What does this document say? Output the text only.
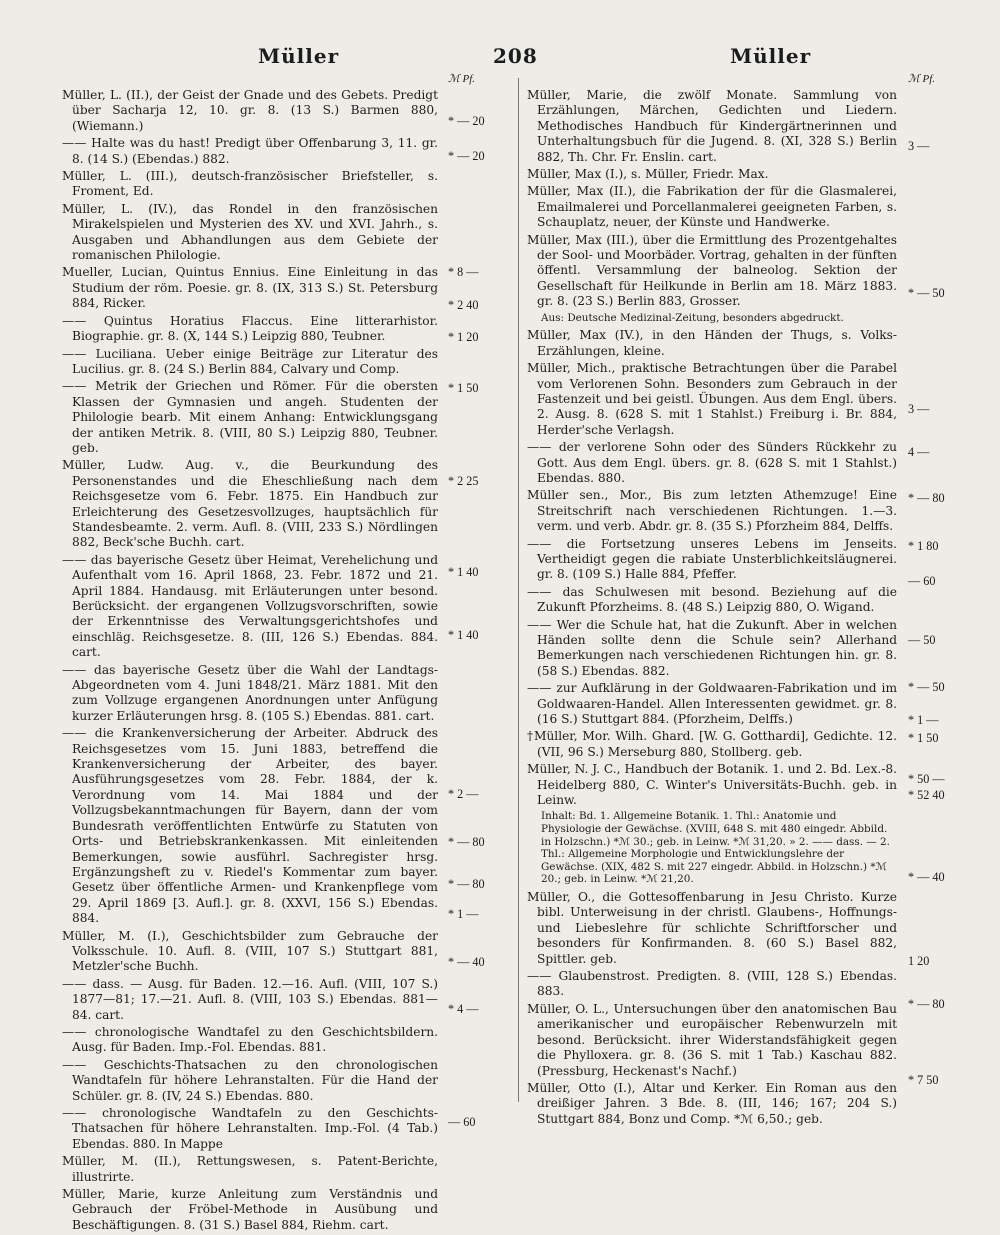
Müller	208	Müller
ℳ Pf.
* — 20
* — 20
* 8 —
* 2 40
* 1 20
* 1 50
* 2 25
* 1 40
* 1 40
* 2 —
* — 80
* — 80
* 1 —
* — 40
* 4 —
— 60
ℳ Pf.
3 —
* — 50
3 —
4 —
* — 80
* 1 80
— 60
— 50
* — 50
* 1 —
* 1 50
* 50 —
* 52 40
* — 40
1 20
* — 80
* 7 50

Müller, L. (II.), der Geist der Gnade und des Gebets. Predigt über Sacharja 12, 10. gr. 8. (13 S.) Barmen 880, (Wiemann.)

—— Halte was du hast! Predigt über Offenbarung 3, 11. gr. 8. (14 S.) (Ebendas.) 882.

Müller, L. (III.), deutsch-französischer Briefsteller, s. Froment, Ed.

Müller, L. (IV.), das Rondel in den französischen Mirakelspielen und Mysterien des XV. und XVI. Jahrh., s. Ausgaben und Abhandlungen aus dem Gebiete der romanischen Philologie.

Mueller, Lucian, Quintus Ennius. Eine Einleitung in das Studium der röm. Poesie. gr. 8. (IX, 313 S.) St. Petersburg 884, Ricker.

—— Quintus Horatius Flaccus. Eine litterarhistor. Biographie. gr. 8. (X, 144 S.) Leipzig 880, Teubner.

—— Luciliana. Ueber einige Beiträge zur Literatur des Lucilius. gr. 8. (24 S.) Berlin 884, Calvary und Comp.

—— Metrik der Griechen und Römer. Für die obersten Klassen der Gymnasien und angeh. Studenten der Philologie bearb. Mit einem Anhang: Entwicklungsgang der antiken Metrik. 8. (VIII, 80 S.) Leipzig 880, Teubner. geb.

Müller, Ludw. Aug. v., die Beurkundung des Personenstandes und die Eheschließung nach dem Reichsgesetze vom 6. Febr. 1875. Ein Handbuch zur Erleichterung des Gesetzesvollzuges, hauptsächlich für Standesbeamte. 2. verm. Aufl. 8. (VIII, 233 S.) Nördlingen 882, Beck'sche Buchh. cart.

—— das bayerische Gesetz über Heimat, Verehelichung und Aufenthalt vom 16. April 1868, 23. Febr. 1872 und 21. April 1884. Handausg. mit Erläuterungen unter besond. Berücksicht. der ergangenen Vollzugsvorschriften, sowie der Erkenntnisse des Verwaltungsgerichtshofes und einschläg. Reichsgesetze. 8. (III, 126 S.) Ebendas. 884. cart.

—— das bayerische Gesetz über die Wahl der Landtags-Abgeordneten vom 4. Juni 1848/21. März 1881. Mit den zum Vollzuge ergangenen Anordnungen unter Anfügung kurzer Erläuterungen hrsg. 8. (105 S.) Ebendas. 881. cart.

—— die Krankenversicherung der Arbeiter. Abdruck des Reichsgesetzes vom 15. Juni 1883, betreffend die Krankenversicherung der Arbeiter, des bayer. Ausführungsgesetzes vom 28. Febr. 1884, der k. Verordnung vom 14. Mai 1884 und der Vollzugsbekanntmachungen für Bayern, dann der vom Bundesrath veröffentlichten Entwürfe zu Statuten von Orts- und Betriebskrankenkassen. Mit einleitenden Bemerkungen, sowie ausführl. Sachregister hrsg. Ergänzungsheft zu v. Riedel's Kommentar zum bayer. Gesetz über öffentliche Armen- und Krankenpflege vom 29. April 1869 [3. Aufl.]. gr. 8. (XXVI, 156 S.) Ebendas. 884.

Müller, M. (I.), Geschichtsbilder zum Gebrauche der Volksschule. 10. Aufl. 8. (VIII, 107 S.) Stuttgart 881, Metzler'sche Buchh.

—— dass. — Ausg. für Baden. 12.—16. Aufl. (VIII, 107 S.) 1877—81; 17.—21. Aufl. 8. (VIII, 103 S.) Ebendas. 881—84. cart.

—— chronologische Wandtafel zu den Geschichtsbildern. Ausg. für Baden. Imp.-Fol. Ebendas. 881.

—— Geschichts-Thatsachen zu den chronologischen Wandtafeln für höhere Lehranstalten. Für die Hand der Schüler. gr. 8. (IV, 24 S.) Ebendas. 880.

—— chronologische Wandtafeln zu den Geschichts-Thatsachen für höhere Lehranstalten. Imp.-Fol. (4 Tab.) Ebendas. 880. In Mappe

Müller, M. (II.), Rettungswesen, s. Patent-Berichte, illustrirte.

Müller, Marie, kurze Anleitung zum Verständnis und Gebrauch der Fröbel-Methode in Ausübung und Beschäftigungen. 8. (31 S.) Basel 884, Riehm. cart.

Müller, Marie, die zwölf Monate. Sammlung von Erzählungen, Märchen, Gedichten und Liedern. Methodisches Handbuch für Kindergärtnerinnen und Unterhaltungsbuch für die Jugend. 8. (XI, 328 S.) Berlin 882, Th. Chr. Fr. Enslin. cart.

Müller, Max (I.), s. Müller, Friedr. Max.

Müller, Max (II.), die Fabrikation der für die Glasmalerei, Emailmalerei und Porcellanmalerei geeigneten Farben, s. Schauplatz, neuer, der Künste und Handwerke.

Müller, Max (III.), über die Ermittlung des Prozentgehaltes der Sool- und Moorbäder. Vortrag, gehalten in der fünften öffentl. Versammlung der balneolog. Sektion der Gesellschaft für Heilkunde in Berlin am 18. März 1883. gr. 8. (23 S.) Berlin 883, Grosser.

Aus: Deutsche Medizinal-Zeitung, besonders abgedruckt.

Müller, Max (IV.), in den Händen der Thugs, s. Volks-Erzählungen, kleine.

Müller, Mich., praktische Betrachtungen über die Parabel vom Verlorenen Sohn. Besonders zum Gebrauch in der Fastenzeit und bei geistl. Übungen. Aus dem Engl. übers. 2. Ausg. 8. (628 S. mit 1 Stahlst.) Freiburg i. Br. 884, Herder'sche Verlagsh.

—— der verlorene Sohn oder des Sünders Rückkehr zu Gott. Aus dem Engl. übers. gr. 8. (628 S. mit 1 Stahlst.) Ebendas. 880.

Müller sen., Mor., Bis zum letzten Athemzuge! Eine Streitschrift nach verschiedenen Richtungen. 1.—3. verm. und verb. Abdr. gr. 8. (35 S.) Pforzheim 884, Delffs.

—— die Fortsetzung unseres Lebens im Jenseits. Vertheidigt gegen die rabiate Unsterblichkeitsläugnerei. gr. 8. (109 S.) Halle 884, Pfeffer.

—— das Schulwesen mit besond. Beziehung auf die Zukunft Pforzheims. 8. (48 S.) Leipzig 880, O. Wigand.

—— Wer die Schule hat, hat die Zukunft. Aber in welchen Händen sollte denn die Schule sein? Allerhand Bemerkungen nach verschiedenen Richtungen hin. gr. 8. (58 S.) Ebendas. 882.

—— zur Aufklärung in der Goldwaaren-Fabrikation und im Goldwaaren-Handel. Allen Interessenten gewidmet. gr. 8. (16 S.) Stuttgart 884. (Pforzheim, Delffs.)

†Müller, Mor. Wilh. Ghard. [W. G. Gotthardi], Gedichte. 12. (VII, 96 S.) Merseburg 880, Stollberg. geb.

Müller, N. J. C., Handbuch der Botanik. 1. und 2. Bd. Lex.-8. Heidelberg 880, C. Winter's Universitäts-Buchh. geb. in Leinw.

Inhalt: Bd. 1. Allgemeine Botanik. 1. Thl.: Anatomie und Physiologie der Gewächse. (XVIII, 648 S. mit 480 eingedr. Abbild. in Holzschn.) *ℳ 30.; geb. in Leinw. *ℳ 31,20. » 2. —— dass. — 2. Thl.: Allgemeine Morphologie und Entwicklungslehre der Gewächse. (XIX, 482 S. mit 227 eingedr. Abbild. in Holzschn.) *ℳ 20.; geb. in Leinw. *ℳ 21,20.

Müller, O., die Gottesoffenbarung in Jesu Christo. Kurze bibl. Unterweisung in der christl. Glaubens-, Hoffnungs- und Liebeslehre für schlichte Schriftforscher und besonders für Konfirmanden. 8. (60 S.) Basel 882, Spittler. geb.

—— Glaubenstrost. Predigten. 8. (VIII, 128 S.) Ebendas. 883.

Müller, O. L., Untersuchungen über den anatomischen Bau amerikanischer und europäischer Rebenwurzeln mit besond. Berücksicht. ihrer Widerstandsfähigkeit gegen die Phylloxera. gr. 8. (36 S. mit 1 Tab.) Kaschau 882. (Pressburg, Heckenast's Nachf.)

Müller, Otto (I.), Altar und Kerker. Ein Roman aus den dreißiger Jahren. 3 Bde. 8. (III, 146; 167; 204 S.) Stuttgart 884, Bonz und Comp. *ℳ 6,50.; geb.
